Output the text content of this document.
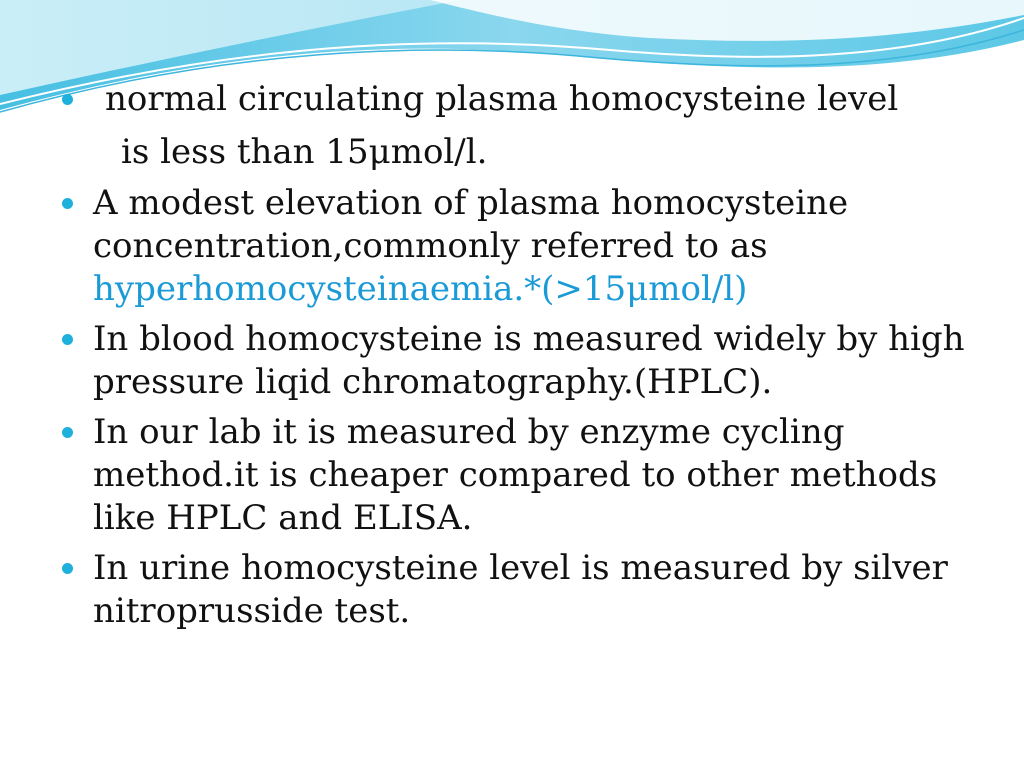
normal circulating plasma homocysteine level
is less than 15μmol/l.
A modest elevation of plasma homocysteine concentration,commonly referred to as hyperhomocysteinaemia.*(>15μmol/l)
In blood homocysteine is measured widely by high pressure liqid chromatography.(HPLC).
In our lab it is measured by enzyme cycling method.it is cheaper compared to other methods like HPLC and ELISA.
In urine homocysteine level is measured by silver nitroprusside test.
